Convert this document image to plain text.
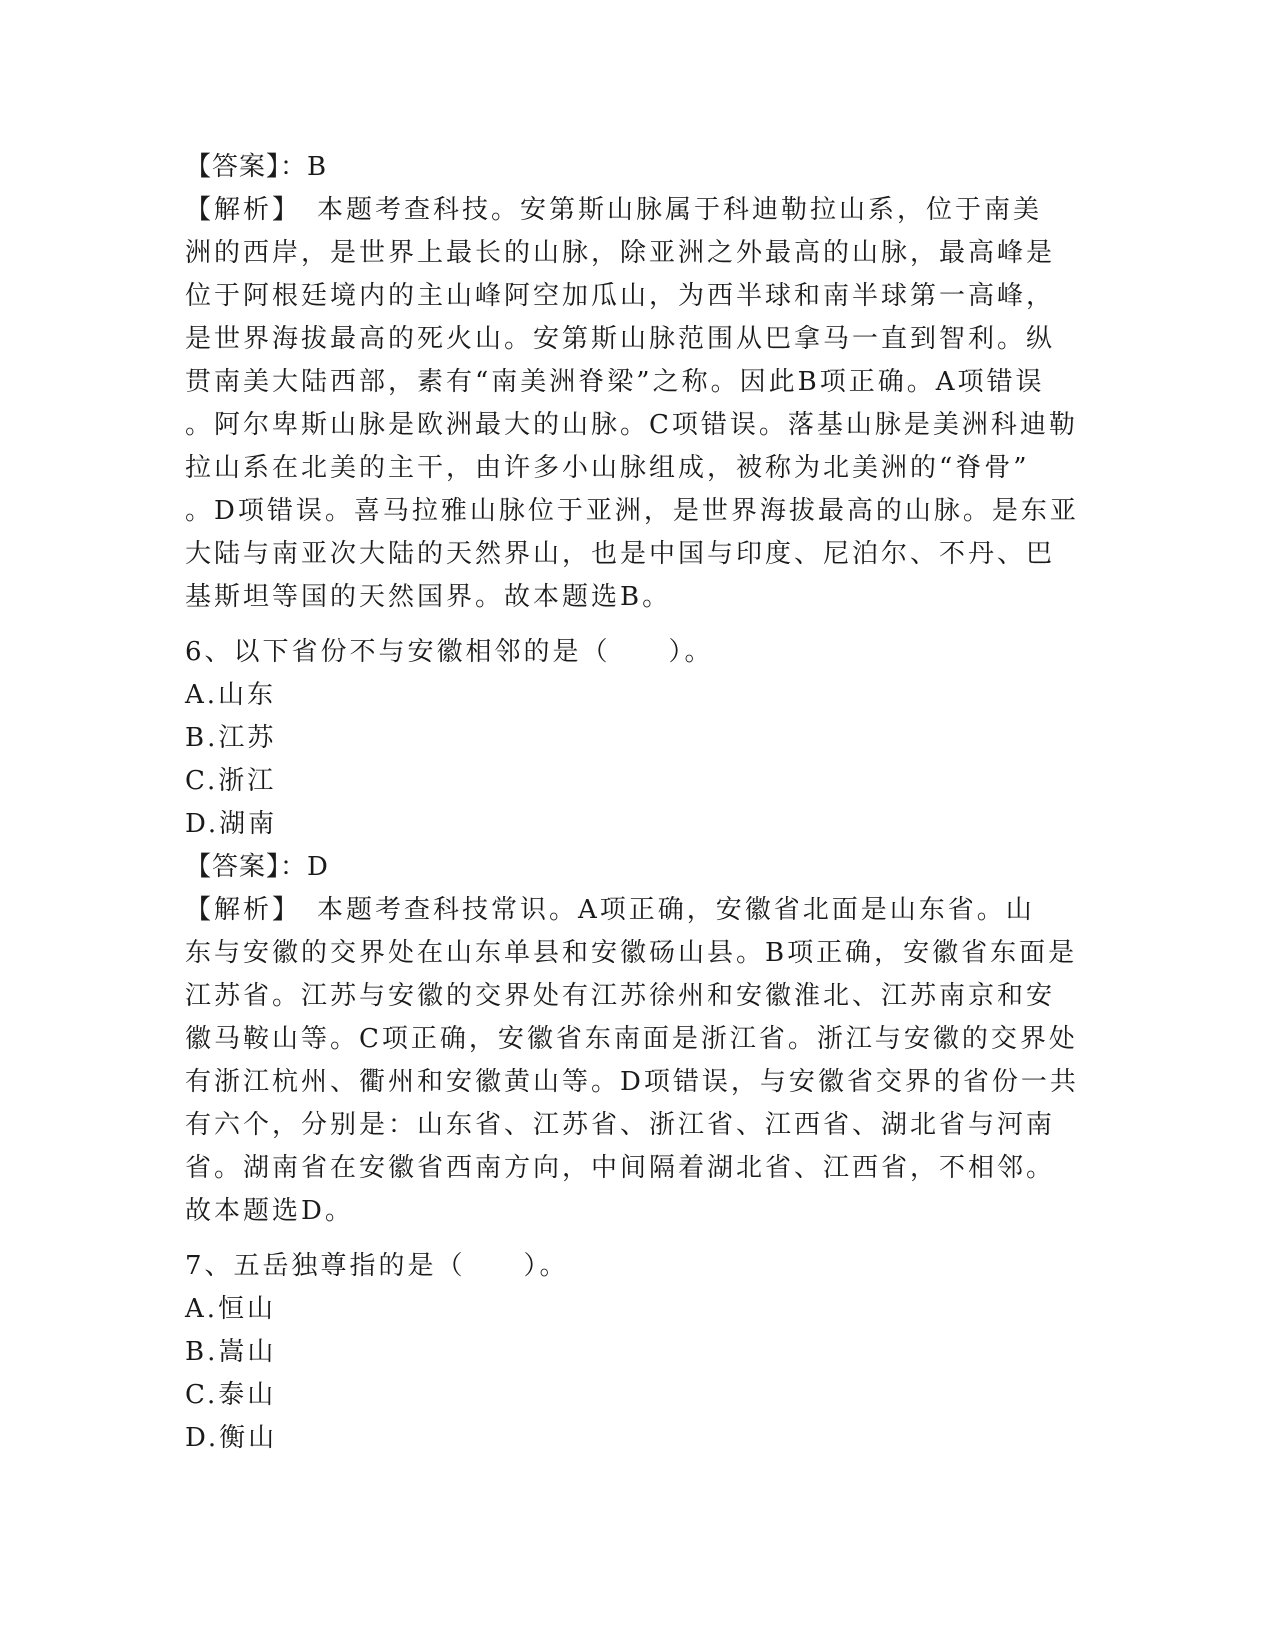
【答案】：B
【解析】　本题考查科技。安第斯山脉属于科迪勒拉山系，位于南美
洲的西岸，是世界上最长的山脉，除亚洲之外最高的山脉，最高峰是
位于阿根廷境内的主山峰阿空加瓜山，为西半球和南半球第一高峰，
是世界海拔最高的死火山。安第斯山脉范围从巴拿马一直到智利。纵
贯南美大陆西部，素有“南美洲脊梁”之称。因此B项正确。A项错误
。阿尔卑斯山脉是欧洲最大的山脉。C项错误。落基山脉是美洲科迪勒
拉山系在北美的主干，由许多小山脉组成，被称为北美洲的“脊骨”
。D项错误。喜马拉雅山脉位于亚洲，是世界海拔最高的山脉。是东亚
大陆与南亚次大陆的天然界山，也是中国与印度、尼泊尔、不丹、巴
基斯坦等国的天然国界。故本题选B。
6、以下省份不与安徽相邻的是（　　）。
A.山东
B.江苏
C.浙江
D.湖南
【答案】：D
【解析】　本题考查科技常识。A项正确，安徽省北面是山东省。山
东与安徽的交界处在山东单县和安徽砀山县。B项正确，安徽省东面是
江苏省。江苏与安徽的交界处有江苏徐州和安徽淮北、江苏南京和安
徽马鞍山等。C项正确，安徽省东南面是浙江省。浙江与安徽的交界处
有浙江杭州、衢州和安徽黄山等。D项错误，与安徽省交界的省份一共
有六个，分别是：山东省、江苏省、浙江省、江西省、湖北省与河南
省。湖南省在安徽省西南方向，中间隔着湖北省、江西省，不相邻。
故本题选D。
7、五岳独尊指的是（　　）。
A.恒山
B.嵩山
C.泰山
D.衡山
